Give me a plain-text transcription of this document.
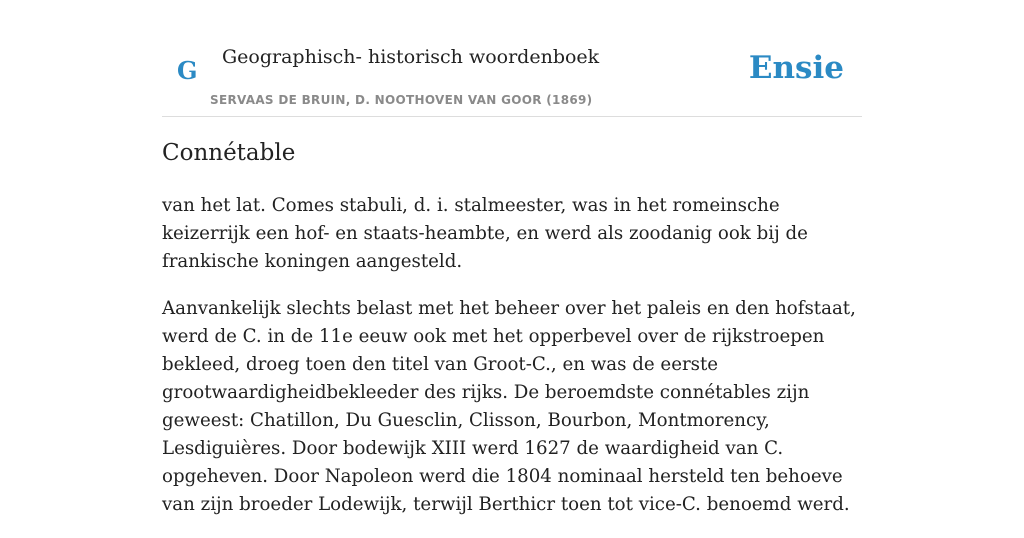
G Geographisch- historisch woordenboek
SERVAAS DE BRUIN, D. NOOTHOVEN VAN GOOR (1869)
Ensie
Connétable

van het lat. Comes stabuli, d. i. stalmeester, was in het romeinsche keizerrijk een hof- en staats-heambte, en werd als zoodanig ook bij de frankische koningen aangesteld.

Aanvankelijk slechts belast met het beheer over het paleis en den hofstaat, werd de C. in de 11e eeuw ook met het opperbevel over de rijkstroepen bekleed, droeg toen den titel van Groot-C., en was de eerste grootwaardigheidbekleeder des rijks. De beroemdste connétables zijn geweest: Chatillon, Du Guesclin, Clisson, Bourbon, Montmorency, Lesdiguières. Door bodewijk XIII werd 1627 de waardigheid van C. opgeheven. Door Napoleon werd die 1804 nominaal hersteld ten behoeve van zijn broeder Lodewijk, terwijl Berthicr toen tot vice-C. benoemd werd.
